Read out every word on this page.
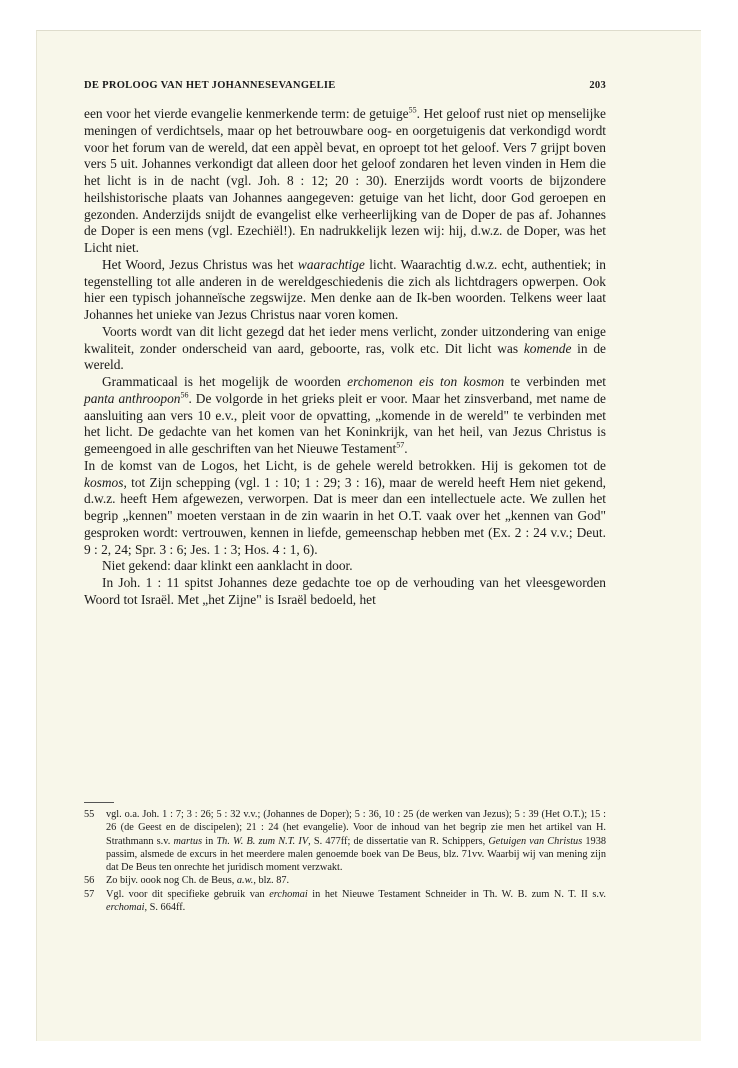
DE PROLOOG VAN HET JOHANNESEVANGELIE	203

een voor het vierde evangelie kenmerkende term: de getuige$^{55}$. Het geloof rust niet op menselijke meningen of verdichtsels, maar op het betrouwbare oog- en oorgetuigenis dat verkondigd wordt voor het forum van de wereld, dat een appèl bevat, en oproept tot het geloof. Vers 7 grijpt boven vers 5 uit. Johannes verkondigt dat alleen door het geloof zondaren het leven vinden in Hem die het licht is in de nacht (vgl. Joh. 8 : 12; 20 : 30). Enerzijds wordt voorts de bijzondere heilshistorische plaats van Johannes aangegeven: getuige van het licht, door God geroepen en gezonden. Anderzijds snijdt de evangelist elke verheerlijking van de Doper de pas af. Johannes de Doper is een mens (vgl. Ezechiël!). En nadrukkelijk lezen wij: hij, d.w.z. de Doper, was het Licht niet.

Het Woord, Jezus Christus was het waarachtige licht. Waarachtig d.w.z. echt, authentiek; in tegenstelling tot alle anderen in de wereldgeschiedenis die zich als lichtdragers opwerpen. Ook hier een typisch johanneïsche zegswijze. Men denke aan de Ik-ben woorden. Telkens weer laat Johannes het unieke van Jezus Christus naar voren komen.

Voorts wordt van dit licht gezegd dat het ieder mens verlicht, zonder uitzondering van enige kwaliteit, zonder onderscheid van aard, geboorte, ras, volk etc. Dit licht was komende in de wereld.

Grammaticaal is het mogelijk de woorden erchomenon eis ton kosmon te verbinden met panta anthroopon$^{56}$. De volgorde in het grieks pleit er voor. Maar het zinsverband, met name de aansluiting aan vers 10 e.v., pleit voor de opvatting, „komende in de wereld" te verbinden met het licht. De gedachte van het komen van het Koninkrijk, van het heil, van Jezus Christus is gemeengoed in alle geschriften van het Nieuwe Testament$^{57}$.

In de komst van de Logos, het Licht, is de gehele wereld betrokken. Hij is gekomen tot de kosmos, tot Zijn schepping (vgl. 1 : 10; 1 : 29; 3 : 16), maar de wereld heeft Hem niet gekend, d.w.z. heeft Hem afgewezen, verworpen. Dat is meer dan een intellectuele acte. We zullen het begrip „kennen" moeten verstaan in de zin waarin in het O.T. vaak over het „kennen van God" gesproken wordt: vertrouwen, kennen in liefde, gemeenschap hebben met (Ex. 2 : 24 v.v.; Deut. 9 : 2, 24; Spr. 3 : 6; Jes. 1 : 3; Hos. 4 : 1, 6).

Niet gekend: daar klinkt een aanklacht in door.

In Joh. 1 : 11 spitst Johannes deze gedachte toe op de verhouding van het vleesgeworden Woord tot Israël. Met „het Zijne" is Israël bedoeld, het

55	vgl. o.a. Joh. 1 : 7; 3 : 26; 5 : 32 v.v.; (Johannes de Doper); 5 : 36, 10 : 25 (de werken van Jezus); 5 : 39 (Het O.T.); 15 : 26 (de Geest en de discipelen); 21 : 24 (het evangelie). Voor de inhoud van het begrip zie men het artikel van H. Strathmann s.v. martus in Th. W. B. zum N.T. IV, S. 477ff; de dissertatie van R. Schippers, Getuigen van Christus 1938 passim, alsmede de excurs in het meerdere malen genoemde boek van De Beus, blz. 71vv. Waarbij wij van mening zijn dat De Beus ten onrechte het juridisch moment verzwakt.

56	Zo bijv. oook nog Ch. de Beus, a.w., blz. 87.

57	Vgl. voor dit specifieke gebruik van erchomai in het Nieuwe Testament Schneider in Th. W. B. zum N. T. II s.v. erchomai, S. 664ff.
